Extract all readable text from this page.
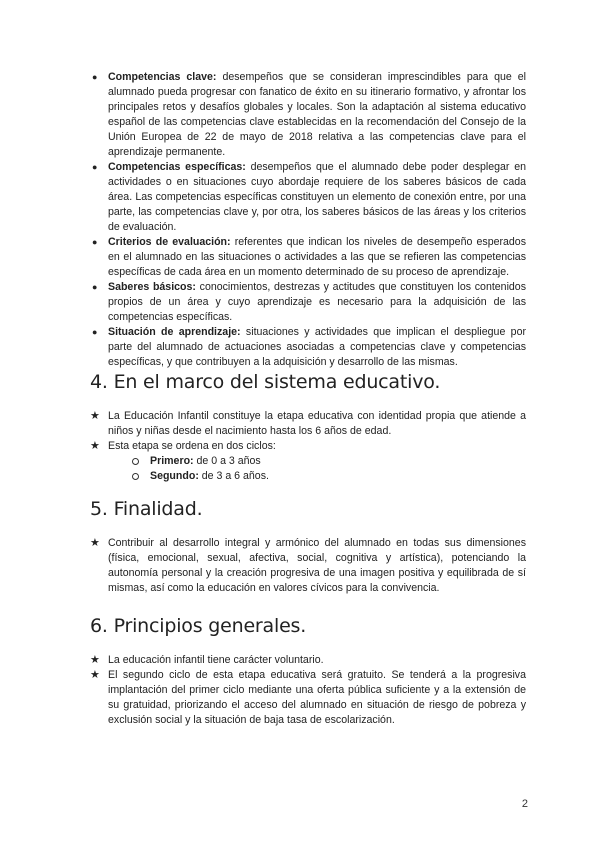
● Competencias clave: desempeños que se consideran imprescindibles para que el alumnado pueda progresar con fanatico de éxito en su itinerario formativo, y afrontar los principales retos y desafíos globales y locales. Son la adaptación al sistema educativo español de las competencias clave establecidas en la recomendación del Consejo de la Unión Europea de 22 de mayo de 2018 relativa a las competencias clave para el aprendizaje permanente.
● Competencias específicas: desempeños que el alumnado debe poder desplegar en actividades o en situaciones cuyo abordaje requiere de los saberes básicos de cada área. Las competencias específicas constituyen un elemento de conexión entre, por una parte, las competencias clave y, por otra, los saberes básicos de las áreas y los criterios de evaluación.
● Criterios de evaluación: referentes que indican los niveles de desempeño esperados en el alumnado en las situaciones o actividades a las que se refieren las competencias específicas de cada área en un momento determinado de su proceso de aprendizaje.
● Saberes básicos: conocimientos, destrezas y actitudes que constituyen los contenidos propios de un área y cuyo aprendizaje es necesario para la adquisición de las competencias específicas.
● Situación de aprendizaje: situaciones y actividades que implican el despliegue por parte del alumnado de actuaciones asociadas a competencias clave y competencias específicas, y que contribuyen a la adquisición y desarrollo de las mismas.
4. En el marco del sistema educativo.
★ La Educación Infantil constituye la etapa educativa con identidad propia que atiende a niños y niñas desde el nacimiento hasta los 6 años de edad.
★ Esta etapa se ordena en dos ciclos:
Primero: de 0 a 3 años
Segundo: de 3 a 6 años.
5. Finalidad.
★ Contribuir al desarrollo integral y armónico del alumnado en todas sus dimensiones (física, emocional, sexual, afectiva, social, cognitiva y artística), potenciando la autonomía personal y la creación progresiva de una imagen positiva y equilibrada de sí mismas, así como la educación en valores cívicos para la convivencia.
6. Principios generales.
★ La educación infantil tiene carácter voluntario.
★ El segundo ciclo de esta etapa educativa será gratuito. Se tenderá a la progresiva implantación del primer ciclo mediante una oferta pública suficiente y a la extensión de su gratuidad, priorizando el acceso del alumnado en situación de riesgo de pobreza y exclusión social y la situación de baja tasa de escolarización.
2
